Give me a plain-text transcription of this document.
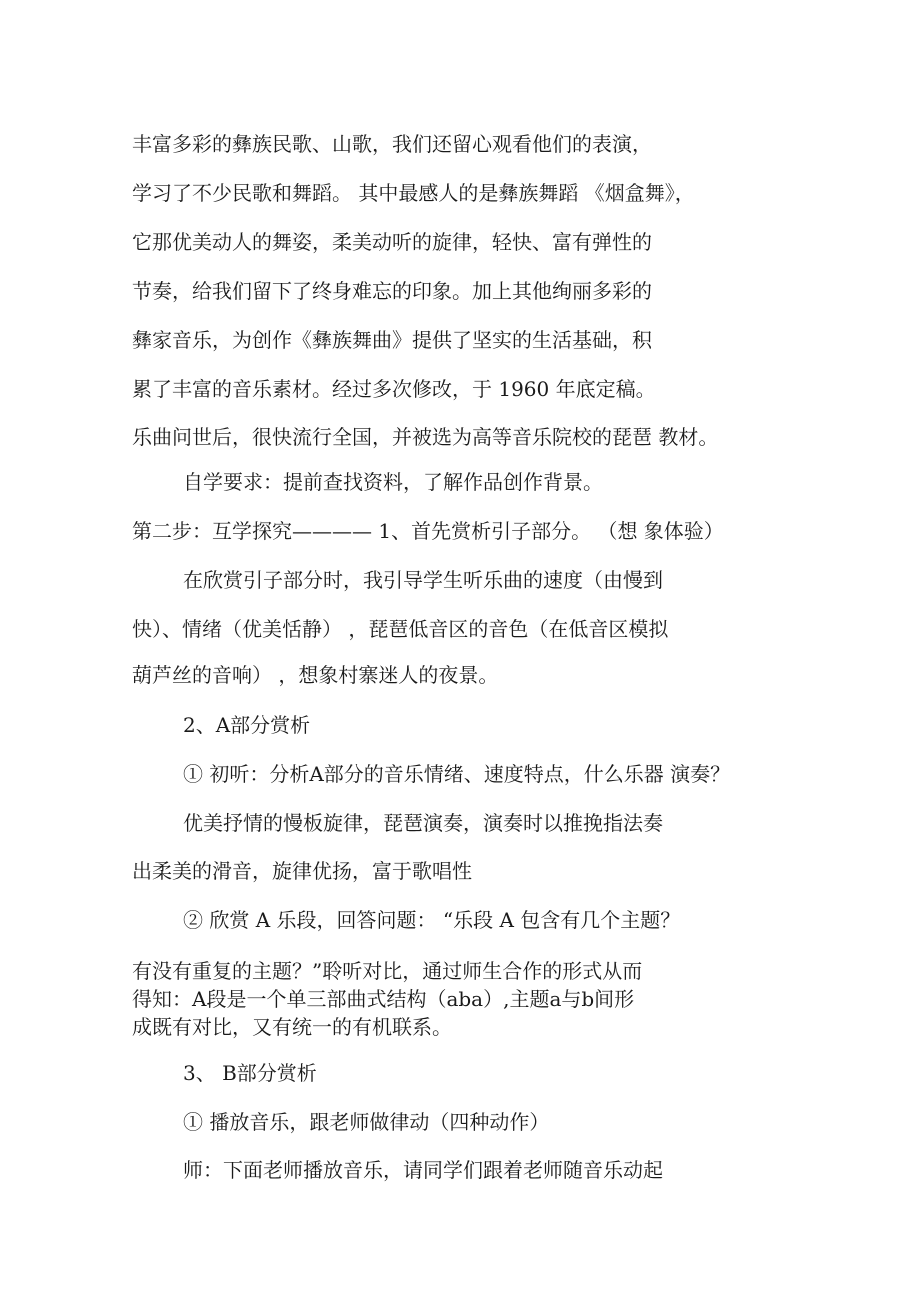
丰富多彩的彝族民歌、山歌，我们还留心观看他们的表演，

学习了不少民歌和舞蹈。 其中最感人的是彝族舞蹈 《烟盒舞》，

它那优美动人的舞姿，柔美动听的旋律，轻快、富有弹性的

节奏，给我们留下了终身难忘的印象。加上其他绚丽多彩的

彝家音乐，为创作《彝族舞曲》提供了坚实的生活基础，积

累了丰富的音乐素材。经过多次修改，于 1960 年底定稿。

乐曲问世后，很快流行全国，并被选为高等音乐院校的琵琶 教材。

自学要求：提前查找资料，了解作品创作背景。

第二步：互学探究———— 1、首先赏析引子部分。 （想 象体验）

在欣赏引子部分时，我引导学生听乐曲的速度（由慢到

快）、情绪（优美恬静） ，琵琶低音区的音色（在低音区模拟

葫芦丝的音响） ，想象村寨迷人的夜景。

2、A部分赏析

① 初听：分析A部分的音乐情绪、速度特点，什么乐器 演奏？

优美抒情的慢板旋律，琵琶演奏，演奏时以推挽指法奏

出柔美的滑音，旋律优扬，富于歌唱性

② 欣赏 A 乐段，回答问题： “乐段 A 包含有几个主题？

有没有重复的主题？”聆听对比，通过师生合作的形式从而

得知：A段是一个单三部曲式结构（aba）,主题a与b间形

成既有对比，又有统一的有机联系。

3、 B部分赏析

① 播放音乐，跟老师做律动（四种动作）

师：下面老师播放音乐，请同学们跟着老师随音乐动起
